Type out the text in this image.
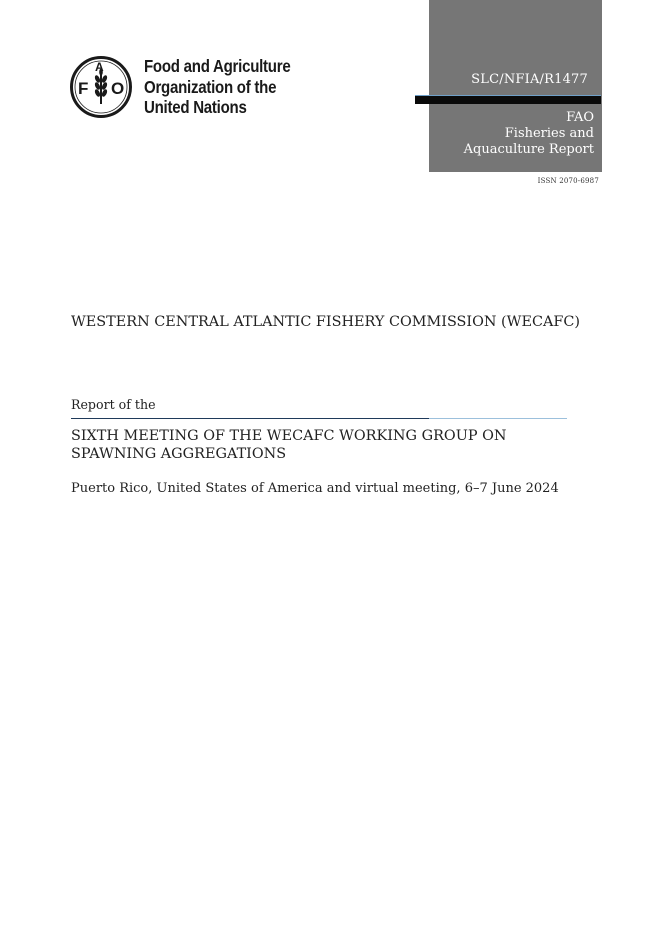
F
A
O
Food and Agriculture
Organization of the
United Nations
SLC/NFIA/R1477
FAO
Fisheries and
Aquaculture Report
ISSN 2070-6987
WESTERN CENTRAL ATLANTIC FISHERY COMMISSION (WECAFC)
Report of the
SIXTH MEETING OF THE WECAFC WORKING GROUP ON
SPAWNING AGGREGATIONS
Puerto Rico, United States of America and virtual meeting, 6–7 June 2024
